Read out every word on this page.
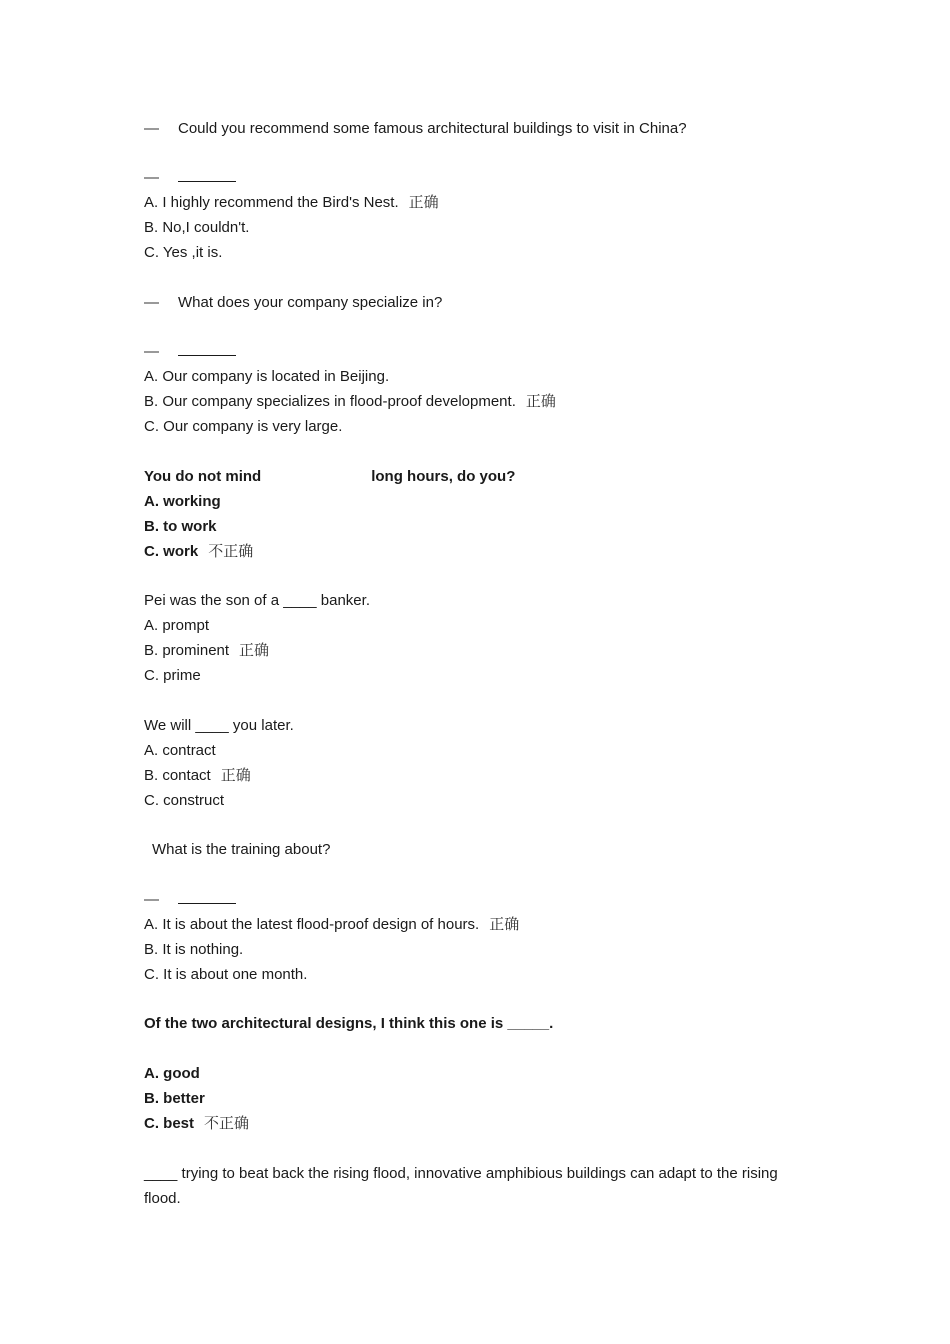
— Could you recommend some famous architectural buildings to visit in China?
—
A. I highly recommend the Bird's Nest. 正确
B. No,I couldn't.
C. Yes ,it is.
— What does your company specialize in?
—
A. Our company is located in Beijing.
B. Our company specializes in flood-proof development. 正确
C. Our company is very large.
You do not mind	long hours, do you?
A. working
B. to work
C. work 不正确
Pei was the son of a ____ banker.
A. prompt
B. prominent 正确
C. prime
We will ____ you later.
A. contract
B. contact 正确
C. construct
What is the training about?
—
A. It is about the latest flood-proof design of hours. 正确
B. It is nothing.
C. It is about one month.
Of the two architectural designs, I think this one is _____.
A. good
B. better
C. best 不正确
____ trying to beat back the rising flood, innovative amphibious buildings can adapt to the rising flood.
